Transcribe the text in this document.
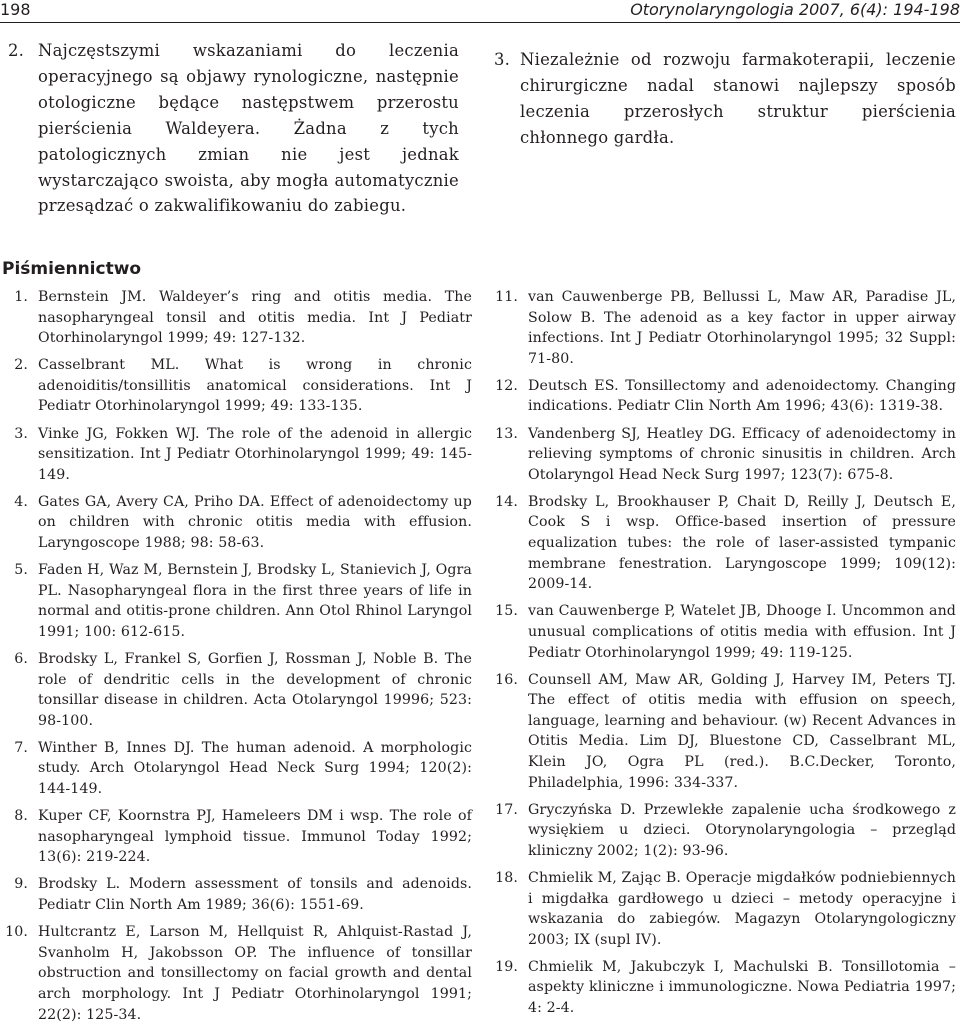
198	Otorynolaryngologia 2007, 6(4): 194-198
2. Najczęstszymi wskazaniami do leczenia operacyjnego są objawy rynologiczne, następnie otologiczne będące następstwem przerostu pierścienia Waldeyera. Żadna z tych patologicznych zmian nie jest jednak wystarczająco swoista, aby mogła automatycznie przesądzać o zakwalifikowaniu do zabiegu.
3. Niezależnie od rozwoju farmakoterapii, leczenie chirurgiczne nadal stanowi najlepszy sposób leczenia przerosłych struktur pierścienia chłonnego gardła.
Piśmiennictwo
1. Bernstein JM. Waldeyer’s ring and otitis media. The nasopharyngeal tonsil and otitis media. Int J Pediatr Otorhinolaryngol 1999; 49: 127-132.
2. Casselbrant ML. What is wrong in chronic adenoiditis/tonsillitis anatomical considerations. Int J Pediatr Otorhinolaryngol 1999; 49: 133-135.
3. Vinke JG, Fokken WJ. The role of the adenoid in allergic sensitization. Int J Pediatr Otorhinolaryngol 1999; 49: 145-149.
4. Gates GA, Avery CA, Priho DA. Effect of adenoidectomy up on children with chronic otitis media with effusion. Laryngoscope 1988; 98: 58-63.
5. Faden H, Waz M, Bernstein J, Brodsky L, Stanievich J, Ogra PL. Nasopharyngeal flora in the first three years of life in normal and otitis-prone children. Ann Otol Rhinol Laryngol 1991; 100: 612-615.
6. Brodsky L, Frankel S, Gorfien J, Rossman J, Noble B. The role of dendritic cells in the development of chronic tonsillar disease in children. Acta Otolaryngol 19996; 523: 98-100.
7. Winther B, Innes DJ. The human adenoid. A morphologic study. Arch Otolaryngol Head Neck Surg 1994; 120(2): 144-149.
8. Kuper CF, Koornstra PJ, Hameleers DM i wsp. The role of nasopharyngeal lymphoid tissue. Immunol Today 1992; 13(6): 219-224.
9. Brodsky L. Modern assessment of tonsils and adenoids. Pediatr Clin North Am 1989; 36(6): 1551-69.
10. Hultcrantz E, Larson M, Hellquist R, Ahlquist-Rastad J, Svanholm H, Jakobsson OP. The influence of tonsillar obstruction and tonsillectomy on facial growth and dental arch morphology. Int J Pediatr Otorhinolaryngol 1991; 22(2): 125-34.
11. van Cauwenberge PB, Bellussi L, Maw AR, Paradise JL, Solow B. The adenoid as a key factor in upper airway infections. Int J Pediatr Otorhinolaryngol 1995; 32 Suppl: 71-80.
12. Deutsch ES. Tonsillectomy and adenoidectomy. Changing indications. Pediatr Clin North Am 1996; 43(6): 1319-38.
13. Vandenberg SJ, Heatley DG. Efficacy of adenoidectomy in relieving symptoms of chronic sinusitis in children. Arch Otolaryngol Head Neck Surg 1997; 123(7): 675-8.
14. Brodsky L, Brookhauser P, Chait D, Reilly J, Deutsch E, Cook S i wsp. Office-based insertion of pressure equalization tubes: the role of laser-assisted tympanic membrane fenestration. Laryngoscope 1999; 109(12): 2009-14.
15. van Cauwenberge P, Watelet JB, Dhooge I. Uncommon and unusual complications of otitis media with effusion. Int J Pediatr Otorhinolaryngol 1999; 49: 119-125.
16. Counsell AM, Maw AR, Golding J, Harvey IM, Peters TJ. The effect of otitis media with effusion on speech, language, learning and behaviour. (w) Recent Advances in Otitis Media. Lim DJ, Bluestone CD, Casselbrant ML, Klein JO, Ogra PL (red.). B.C.Decker, Toronto, Philadelphia, 1996: 334-337.
17. Gryczyńska D. Przewlekłe zapalenie ucha środkowego z wysiękiem u dzieci. Otorynolaryngologia – przegląd kliniczny 2002; 1(2): 93-96.
18. Chmielik M, Zając B. Operacje migdałków podniebiennych i migdałka gardłowego u dzieci – metody operacyjne i wskazania do zabiegów. Magazyn Otolaryngologiczny 2003; IX (supl IV).
19. Chmielik M, Jakubczyk I, Machulski B. Tonsillotomia – aspekty kliniczne i immunologiczne. Nowa Pediatria 1997; 4: 2-4.
